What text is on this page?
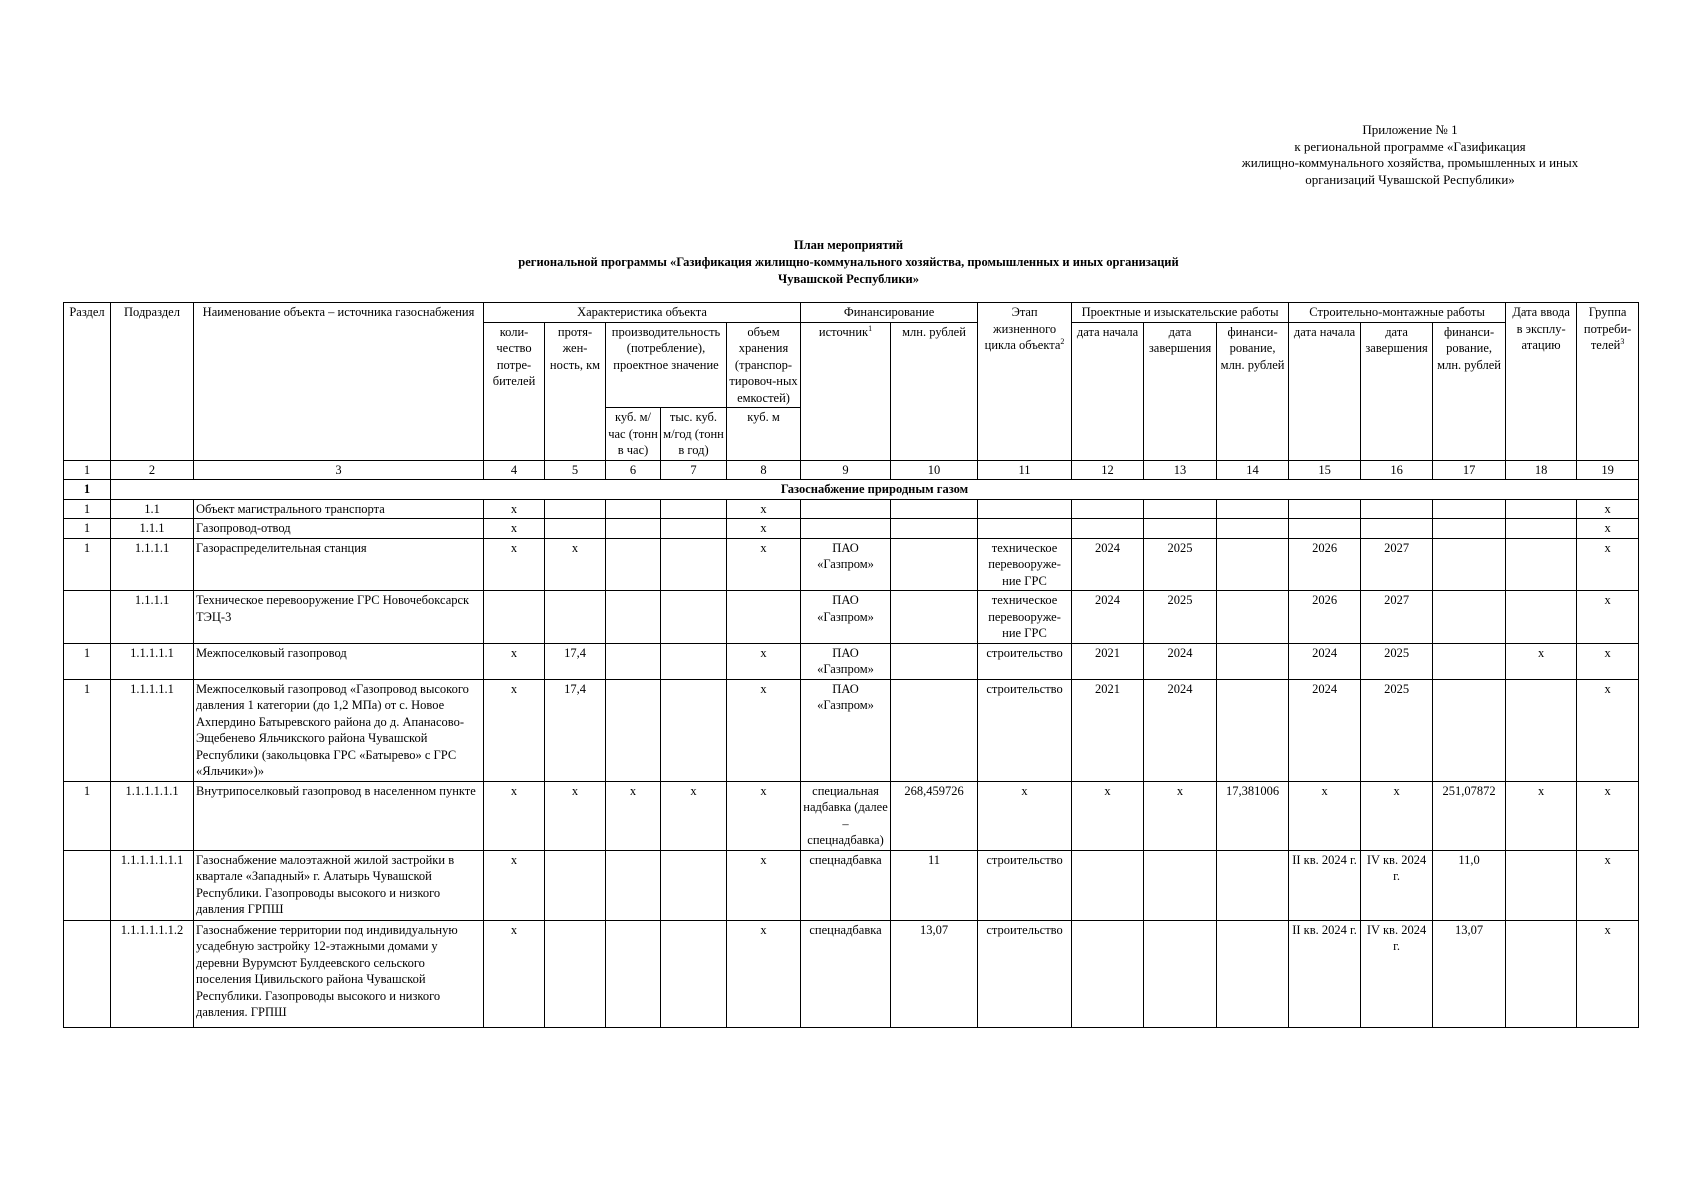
Приложение № 1
к региональной программе «Газификация
жилищно-коммунального хозяйства, промышленных и иных
организаций Чувашской Республики»
План мероприятий
региональной программы «Газификация жилищно-коммунального хозяйства, промышленных и иных организаций
Чувашской Республики»
Раздел	Подраздел	Наименование объекта – источника газоснабжения	Характеристика объекта					Финансирование		Этап жизненного цикла объекта$^2$	Проектные и изыскательские работы			Строительно-монтажные работы			Дата ввода в эксплу-атацию	Группа потреби-телей$^3$
			коли-чество потре-бителей	протя-жен-ность, км	производительность (потребление), проектное значение		объем хранения (транспор-тировоч-ных емкостей)	источник$^1$	млн. рублей		дата начала	дата завершения	финанси-рование, млн. рублей	дата начала	дата завершения	финанси-рование, млн. рублей		
					куб. м/час (тонн в час)	тыс. куб. м/год (тонн в год)	куб. м											
1	2	3	4	5	6	7	8	9	10	11	12	13	14	15	16	17	18	19
1	Газоснабжение природным газом																	
1	1.1	Объект магистрального транспорта	x				x											x
1	1.1.1	Газопровод-отвод	x				x											x
1	1.1.1.1	Газораспределительная станция	x	x			x	ПАО «Газпром»		техническое перевооруже-ние ГРС	2024	2025		2026	2027			x
	1.1.1.1	Техническое перевооружение ГРС Новочебоксарск ТЭЦ-3						ПАО «Газпром»		техническое перевооруже-ние ГРС	2024	2025		2026	2027			x
1	1.1.1.1.1	Межпоселковый газопровод	x	17,4			x	ПАО «Газпром»		строительство	2021	2024		2024	2025		x	x
1	1.1.1.1.1	Межпоселковый газопровод «Газопровод высокого давления 1 категории (до 1,2 МПа) от с. Новое Ахпердино Батыревского района до д. Апанасово-Эщебенево Яльчикского района Чувашской Республики (закольцовка ГРС «Батырево» с ГРС «Яльчики»)»	x	17,4			x	ПАО «Газпром»		строительство	2021	2024		2024	2025			x
1	1.1.1.1.1.1	Внутрипоселковый газопровод в населенном пункте	x	x	x	x	x	специальная надбавка (далее – спецнадбавка)	268,459726	x	x	x	17,381006	x	x	251,07872	x	x
	1.1.1.1.1.1.1	Газоснабжение малоэтажной жилой застройки в квартале «Западный» г. Алатырь Чувашской Республики. Газопроводы высокого и низкого давления ГРПШ	x				x	спецнадбавка	11	строительство				II кв. 2024 г.	IV кв. 2024 г.	11,0		x
	1.1.1.1.1.1.2	Газоснабжение территории под индивидуальную усадебную застройку 12-этажными домами у деревни Вурумсют Булдеевского сельского поселения Цивильского района Чувашской Республики. Газопроводы высокого и низкого давления. ГРПШ	x				x	спецнадбавка	13,07	строительство				II кв. 2024 г.	IV кв. 2024 г.	13,07		x
